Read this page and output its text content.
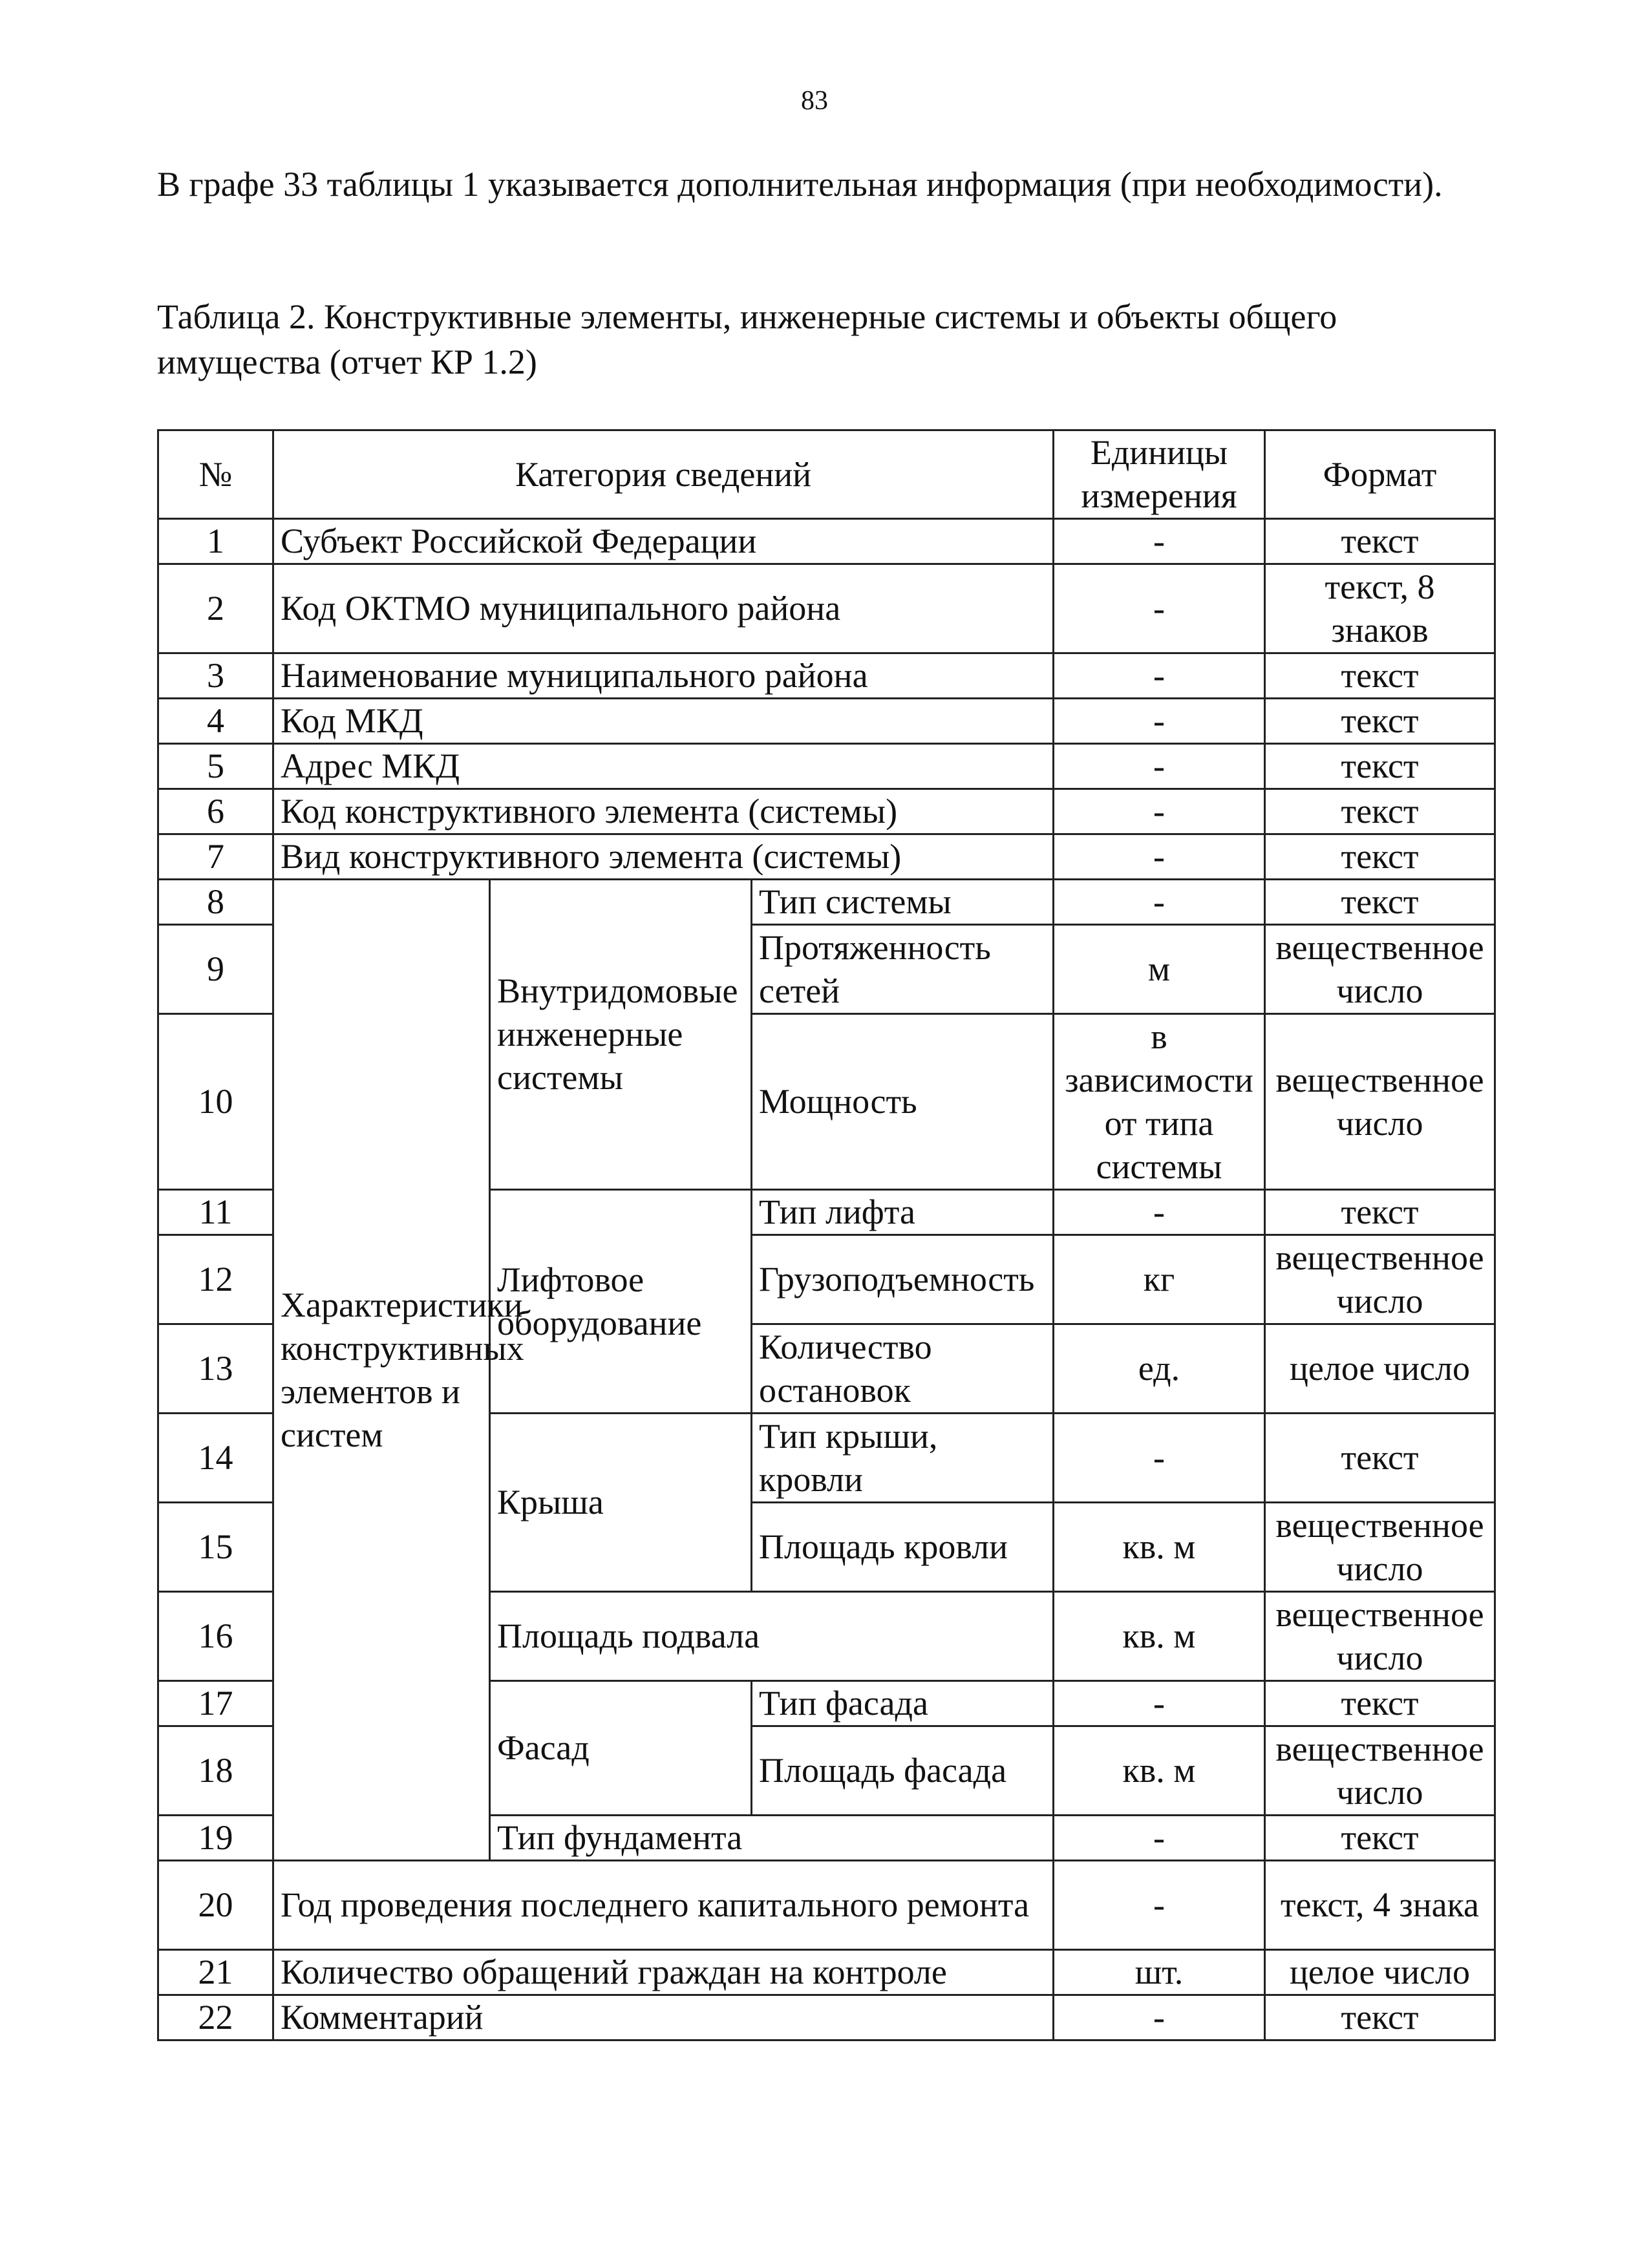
83
В графе 33 таблицы 1 указывается дополнительная информация (при необходимости).
Таблица 2. Конструктивные элементы, инженерные системы и объекты общего имущества (отчет КР 1.2)
№	Категория сведений			Единицы измерения	Формат
1	Субъект Российской Федерации			-	текст
2	Код ОКТМО муниципального района			-	текст, 8 знаков
3	Наименование муниципального района			-	текст
4	Код МКД			-	текст
5	Адрес МКД			-	текст
6	Код конструктивного элемента (системы)			-	текст
7	Вид конструктивного элемента (системы)			-	текст
8	Характеристики конструктивных элементов и систем	Внутридомовые инженерные системы	Тип системы	-	текст
9			Протяженность сетей	м	вещественное число
10			Мощность	в зависимости от типа системы	вещественное число
11		Лифтовое оборудование	Тип лифта	-	текст
12			Грузоподъемность	кг	вещественное число
13			Количество остановок	ед.	целое число
14		Крыша	Тип крыши, кровли	-	текст
15			Площадь кровли	кв. м	вещественное число
16		Площадь подвала		кв. м	вещественное число
17		Фасад	Тип фасада	-	текст
18			Площадь фасада	кв. м	вещественное число
19		Тип фундамента		-	текст
20	Год проведения последнего капитального ремонта			-	текст, 4 знака
21	Количество обращений граждан на контроле			шт.	целое число
22	Комментарий			-	текст
